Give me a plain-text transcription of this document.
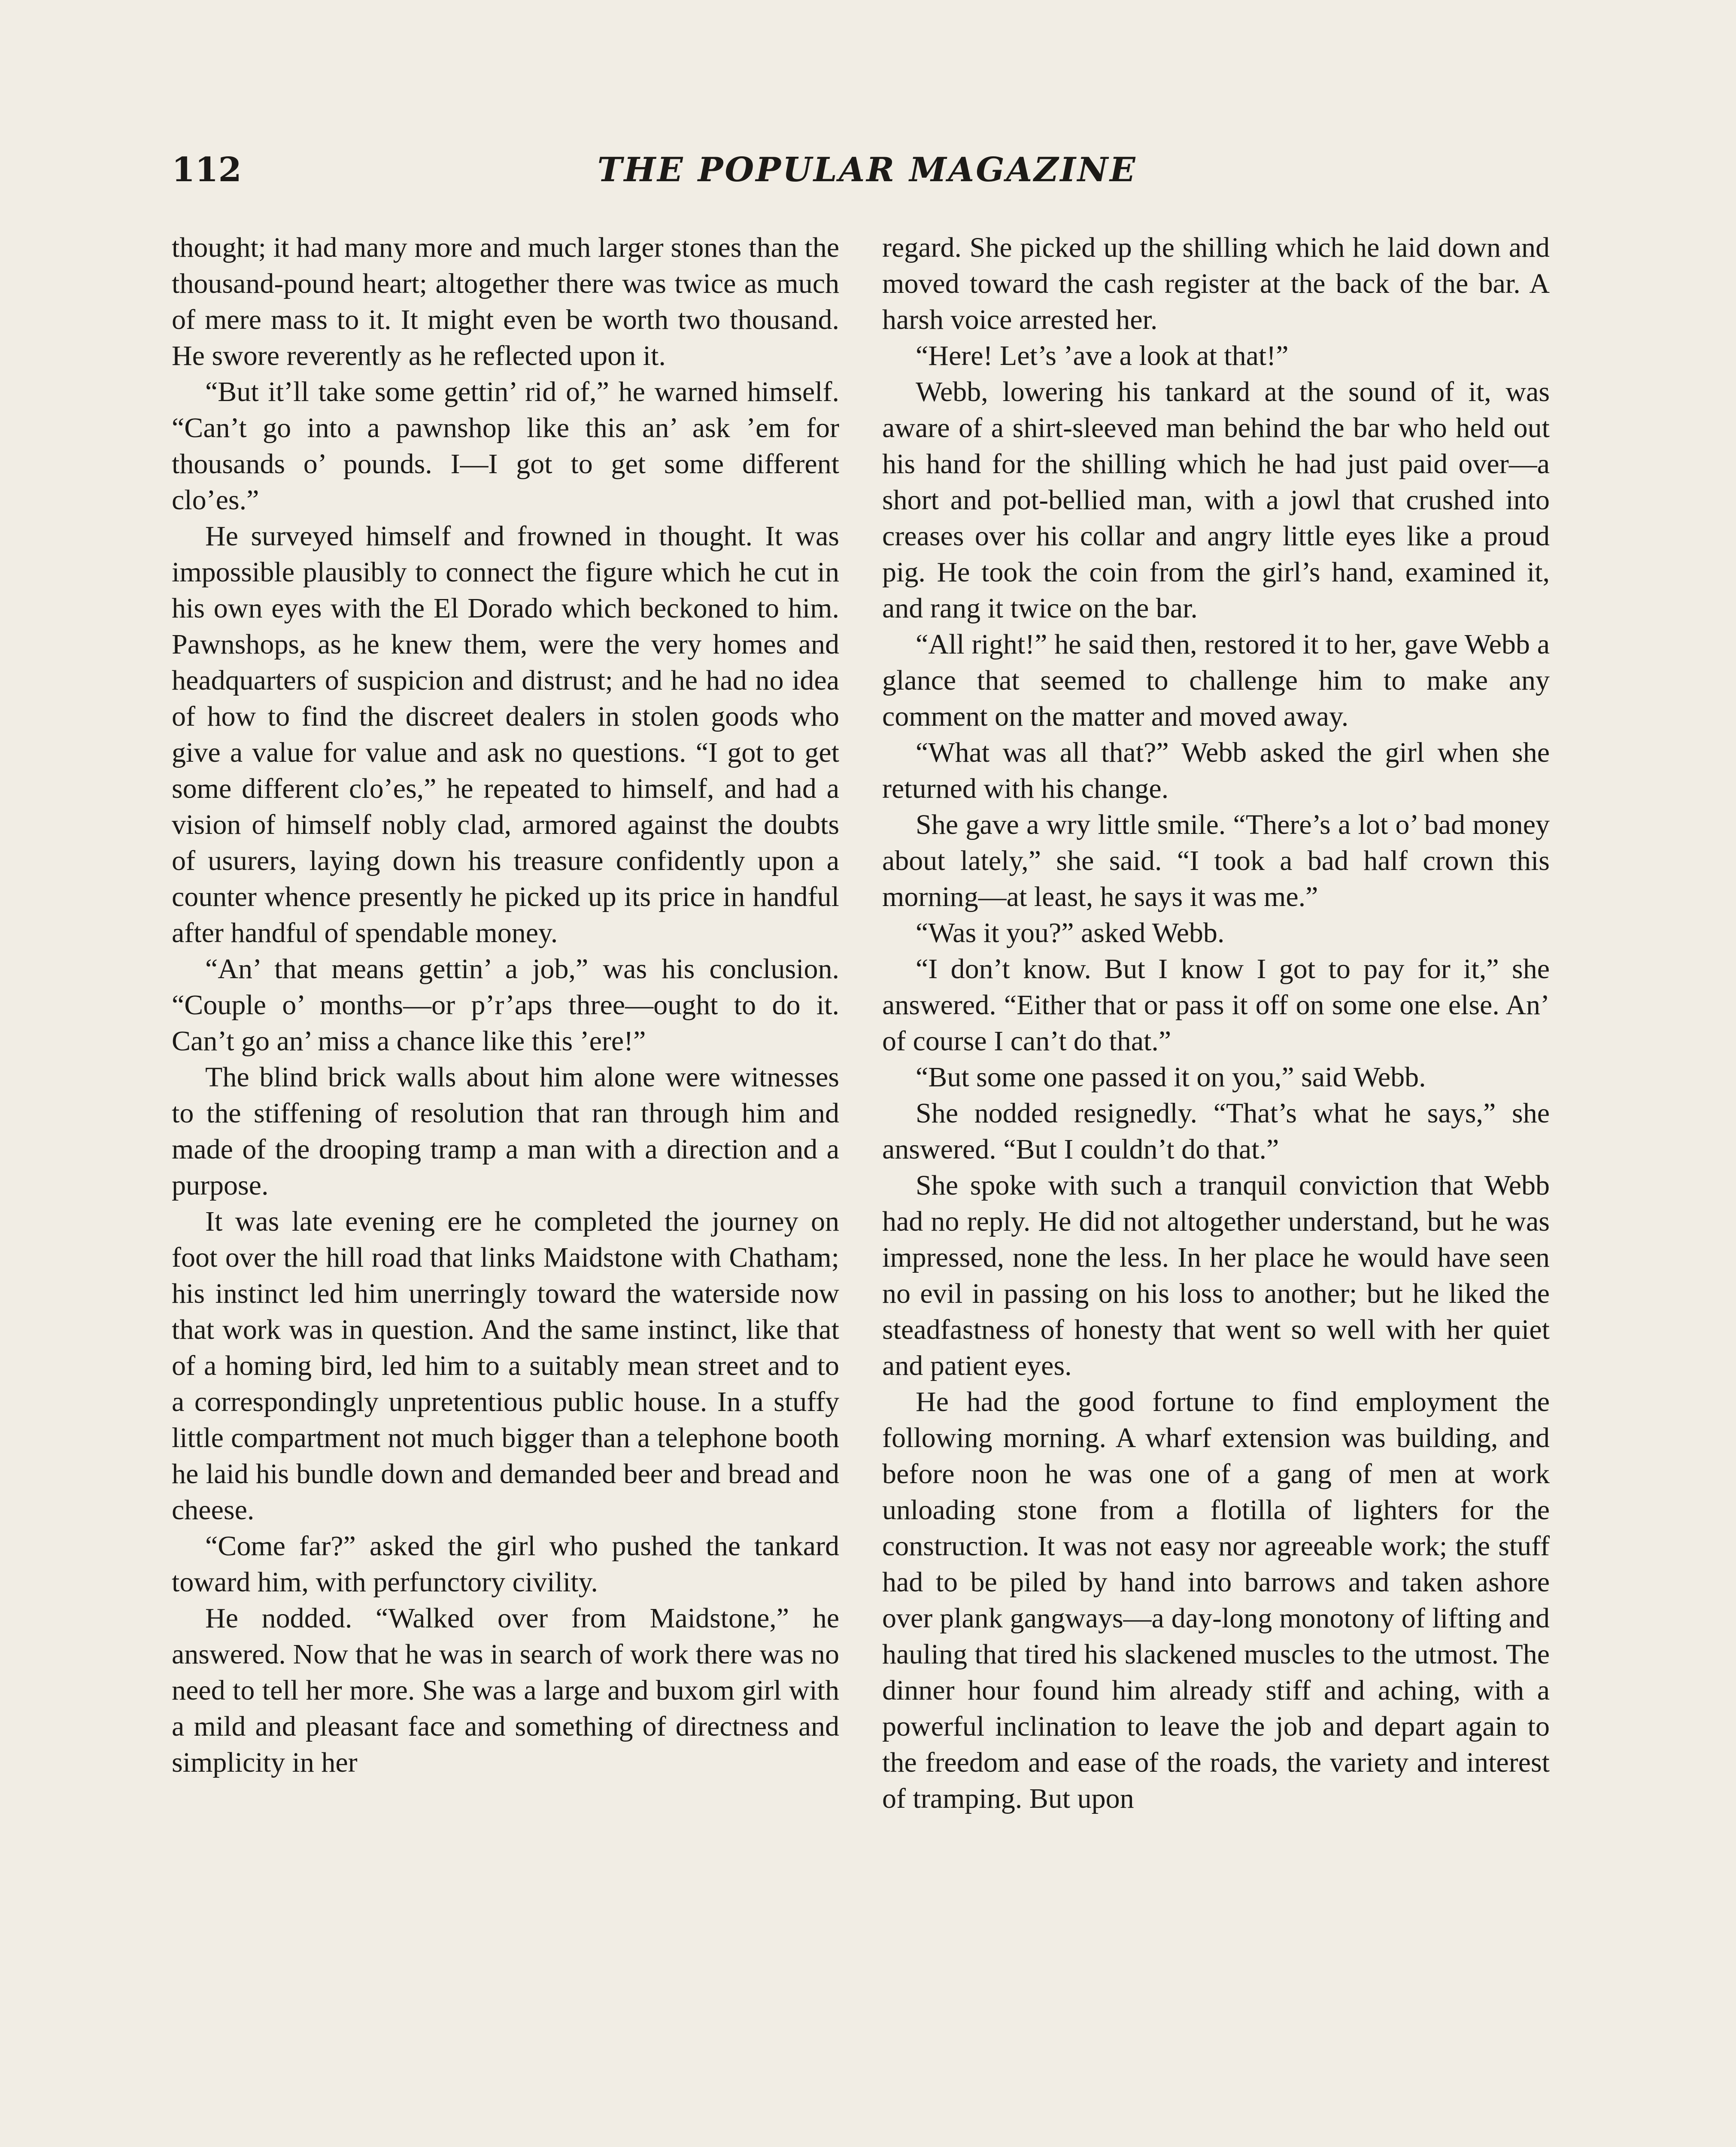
112	THE POPULAR MAGAZINE

thought; it had many more and much larger stones than the thousand-pound heart; altogether there was twice as much of mere mass to it. It might even be worth two thousand. He swore reverently as he reflected upon it.

“But it’ll take some gettin’ rid of,” he warned himself. “Can’t go into a pawnshop like this an’ ask ’em for thousands o’ pounds. I—I got to get some different clo’es.”

He surveyed himself and frowned in thought. It was impossible plausibly to connect the figure which he cut in his own eyes with the El Dorado which beckoned to him. Pawnshops, as he knew them, were the very homes and headquarters of suspicion and distrust; and he had no idea of how to find the discreet dealers in stolen goods who give a value for value and ask no questions. “I got to get some different clo’es,” he repeated to himself, and had a vision of himself nobly clad, armored against the doubts of usurers, laying down his treasure confidently upon a counter whence presently he picked up its price in handful after handful of spendable money.

“An’ that means gettin’ a job,” was his conclusion. “Couple o’ months—or p’r’aps three—ought to do it. Can’t go an’ miss a chance like this ’ere!”

The blind brick walls about him alone were witnesses to the stiffening of resolution that ran through him and made of the drooping tramp a man with a direction and a purpose.

It was late evening ere he completed the journey on foot over the hill road that links Maidstone with Chatham; his instinct led him unerringly toward the waterside now that work was in question. And the same instinct, like that of a homing bird, led him to a suitably mean street and to a correspondingly unpretentious public house. In a stuffy little compartment not much bigger than a telephone booth he laid his bundle down and demanded beer and bread and cheese.

“Come far?” asked the girl who pushed the tankard toward him, with perfunctory civility.

He nodded. “Walked over from Maidstone,” he answered. Now that he was in search of work there was no need to tell her more. She was a large and buxom girl with a mild and pleasant face and something of directness and simplicity in her

regard. She picked up the shilling which he laid down and moved toward the cash register at the back of the bar. A harsh voice arrested her.

“Here! Let’s ’ave a look at that!”

Webb, lowering his tankard at the sound of it, was aware of a shirt-sleeved man behind the bar who held out his hand for the shilling which he had just paid over—a short and pot-bellied man, with a jowl that crushed into creases over his collar and angry little eyes like a proud pig. He took the coin from the girl’s hand, examined it, and rang it twice on the bar.

“All right!” he said then, restored it to her, gave Webb a glance that seemed to challenge him to make any comment on the matter and moved away.

“What was all that?” Webb asked the girl when she returned with his change.

She gave a wry little smile. “There’s a lot o’ bad money about lately,” she said. “I took a bad half crown this morning—at least, he says it was me.”

“Was it you?” asked Webb.

“I don’t know. But I know I got to pay for it,” she answered. “Either that or pass it off on some one else. An’ of course I can’t do that.”

“But some one passed it on you,” said Webb.

She nodded resignedly. “That’s what he says,” she answered. “But I couldn’t do that.”

She spoke with such a tranquil conviction that Webb had no reply. He did not altogether understand, but he was impressed, none the less. In her place he would have seen no evil in passing on his loss to another; but he liked the steadfastness of honesty that went so well with her quiet and patient eyes.

He had the good fortune to find employment the following morning. A wharf extension was building, and before noon he was one of a gang of men at work unloading stone from a flotilla of lighters for the construction. It was not easy nor agreeable work; the stuff had to be piled by hand into barrows and taken ashore over plank gangways—a day-long monotony of lifting and hauling that tired his slackened muscles to the utmost. The dinner hour found him already stiff and aching, with a powerful inclination to leave the job and depart again to the freedom and ease of the roads, the variety and interest of tramping. But upon
